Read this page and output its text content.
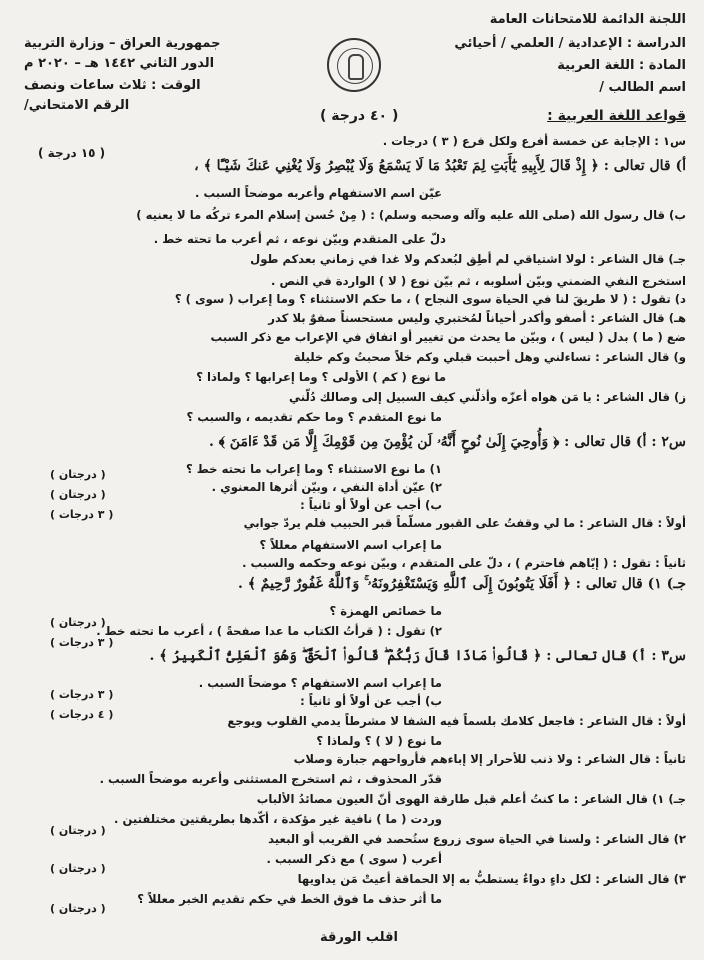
جمهورية العراق – وزارة التربية
الدور الثاني ١٤٤٢ هـ – ٢٠٢٠ م
الوقت : ثلاث ساعات ونصف
الرقم الامتحاني/
اللجنة الدائمة للامتحانات العامة
الدراسة : الإعدادية / العلمي / أحيائي
المادة : اللغة العربية
اسم الطالب /
قواعد اللغة العربية :
( ٤٠ درجة )
( ١٥ درجة )
س١ : الإجابة عن خمسة أفرع ولكل فرع ( ٣ ) درجات .
أ) قال تعالى : ﴿ إِذْ قَالَ لِأَبِيهِ يَٰٓأَبَتِ لِمَ تَعْبُدُ مَا لَا يَسْمَعُ وَلَا يُبْصِرُ وَلَا يُغْنِي عَنكَ شَيْـًٔا ﴾ ،
عيّن اسم الاستفهام وأعربه موضحاً السبب .
ب) قال رسول الله (صلى الله عليه وآله وصحبه وسلم) : ( مِنْ حُسن إسلام المرء تركُه ما لا يعنيه )
دلّ على المتقدم وبيّن نوعه ، ثم أعرب ما تحته خط .
جـ) قال الشاعر : لولا اشتياقي لم أطِق لبُعدكم ولا غدا في زماني بعدكم طول
استخرج النفي الضمني وبيّن أسلوبه ، ثم بيّن نوع ( لا ) الواردة في النص .
د) تقول : ( لا طريقَ لنا في الحياة سوى النجاح ) ، ما حكم الاستثناء ؟ وما إعراب ( سوى ) ؟
هـ) قال الشاعر : أصفو وأكدر أحياناً لمُختبري وليس مستحسناً صفوٌ بلا كدر
ضع ( ما ) بدل ( ليس ) ، وبيّن ما يحدث من تغيير أو اتفاق في الإعراب مع ذكر السبب
و) قال الشاعر : تساءلني وهل أحببت قبلي وكم خلاً صحبتُ وكم خليلة
ما نوع ( كم ) الأولى ؟ وما إعرابها ؟ ولماذا ؟
ز) قال الشاعر : يا مَن هواه أعزّه وأذلّني كيف السبيل إلى وصالك دُلّني
ما نوع المتقدم ؟ وما حكم تقديمه ، والسبب ؟
س٢ : أ) قال تعالى : ﴿ وَأُوحِيَ إِلَىٰ نُوحٍ أَنَّهُۥ لَن يُؤْمِنَ مِن قَوْمِكَ إِلَّا مَن قَدْ ءَامَنَ ﴾ .
١) ما نوع الاستثناء ؟ وما إعراب ما تحته خط ؟
( درجتان )
٢) عيّن أداة النفي ، وبيّن أثرها المعنوي .
( درجتان )
ب) أجب عن أولاً أو ثانياً :
( ٣ درجات )
أولاً : قال الشاعر : ما لي وقفتُ على القبور مسلّماً قبر الحبيب فلم يردّ جوابي
ما إعراب اسم الاستفهام معللاً ؟
ثانياً : تقول : ( إيّاهم فاحترم ) ، دلّ على المتقدم ، وبيّن نوعه وحكمه والسبب .
جـ) ١) قال تعالى : ﴿ أَفَلَا يَتُوبُونَ إِلَى ٱللَّهِ وَيَسْتَغْفِرُونَهُۥ ۚ وَٱللَّهُ غَفُورٌ رَّحِيمٌ ﴾ .
ما خصائص الهمزة ؟
( درجتان )
٢) تقول : ( قرأتُ الكتاب ما عدا صفحةً ) ، أعرب ما تحته خط .
( ٣ درجات )
س٣ : أ) قال تعالى : ﴿ قَالُوا۟ مَاذَا قَالَ رَبُّكُمْ ۖ قَالُوا۟ ٱلْحَقَّ ۖ وَهُوَ ٱلْعَلِىُّ ٱلْكَبِيرُ ﴾ .
ما إعراب اسم الاستفهام ؟ موضحاً السبب .
( ٣ درجات )	ب) أجب عن أولاً أو ثانياً :
( ٤ درجات )	أولاً : قال الشاعر : فاجعل كلامك بلسماً فيه الشفا لا مشرطاً يدمي القلوب ويوجع
ما نوع ( لا ) ؟ ولماذا ؟
ثانياً : قال الشاعر : ولا ذنب للأحرار إلا إباءهم فأرواحهم جبارة وصلاب
قدّر المحذوف ، ثم استخرج المستثنى وأعربه موضحاً السبب .
جـ) ١) قال الشاعر : ما كنتُ أعلم قبل طارقة الهوى أنّ العيون مصائدُ الألباب
وردت ( ما ) نافية غير مؤكدة ، أكّدها بطريقتين مختلفتين .
( درجتان )
٢) قال الشاعر : ولسنا في الحياة سوى زروع ستُحصد في القريب أو البعيد
أعرب ( سوى ) مع ذكر السبب .
( درجتان )
٣) قال الشاعر : لكل داءٍ دواءٌ يستطبُّ به إلا الحماقة أعيتْ مَن يداويها
ما أثر حذف ما فوق الخط في حكم تقديم الخبر معللاً ؟
( درجتان )
اقلب الورقة
